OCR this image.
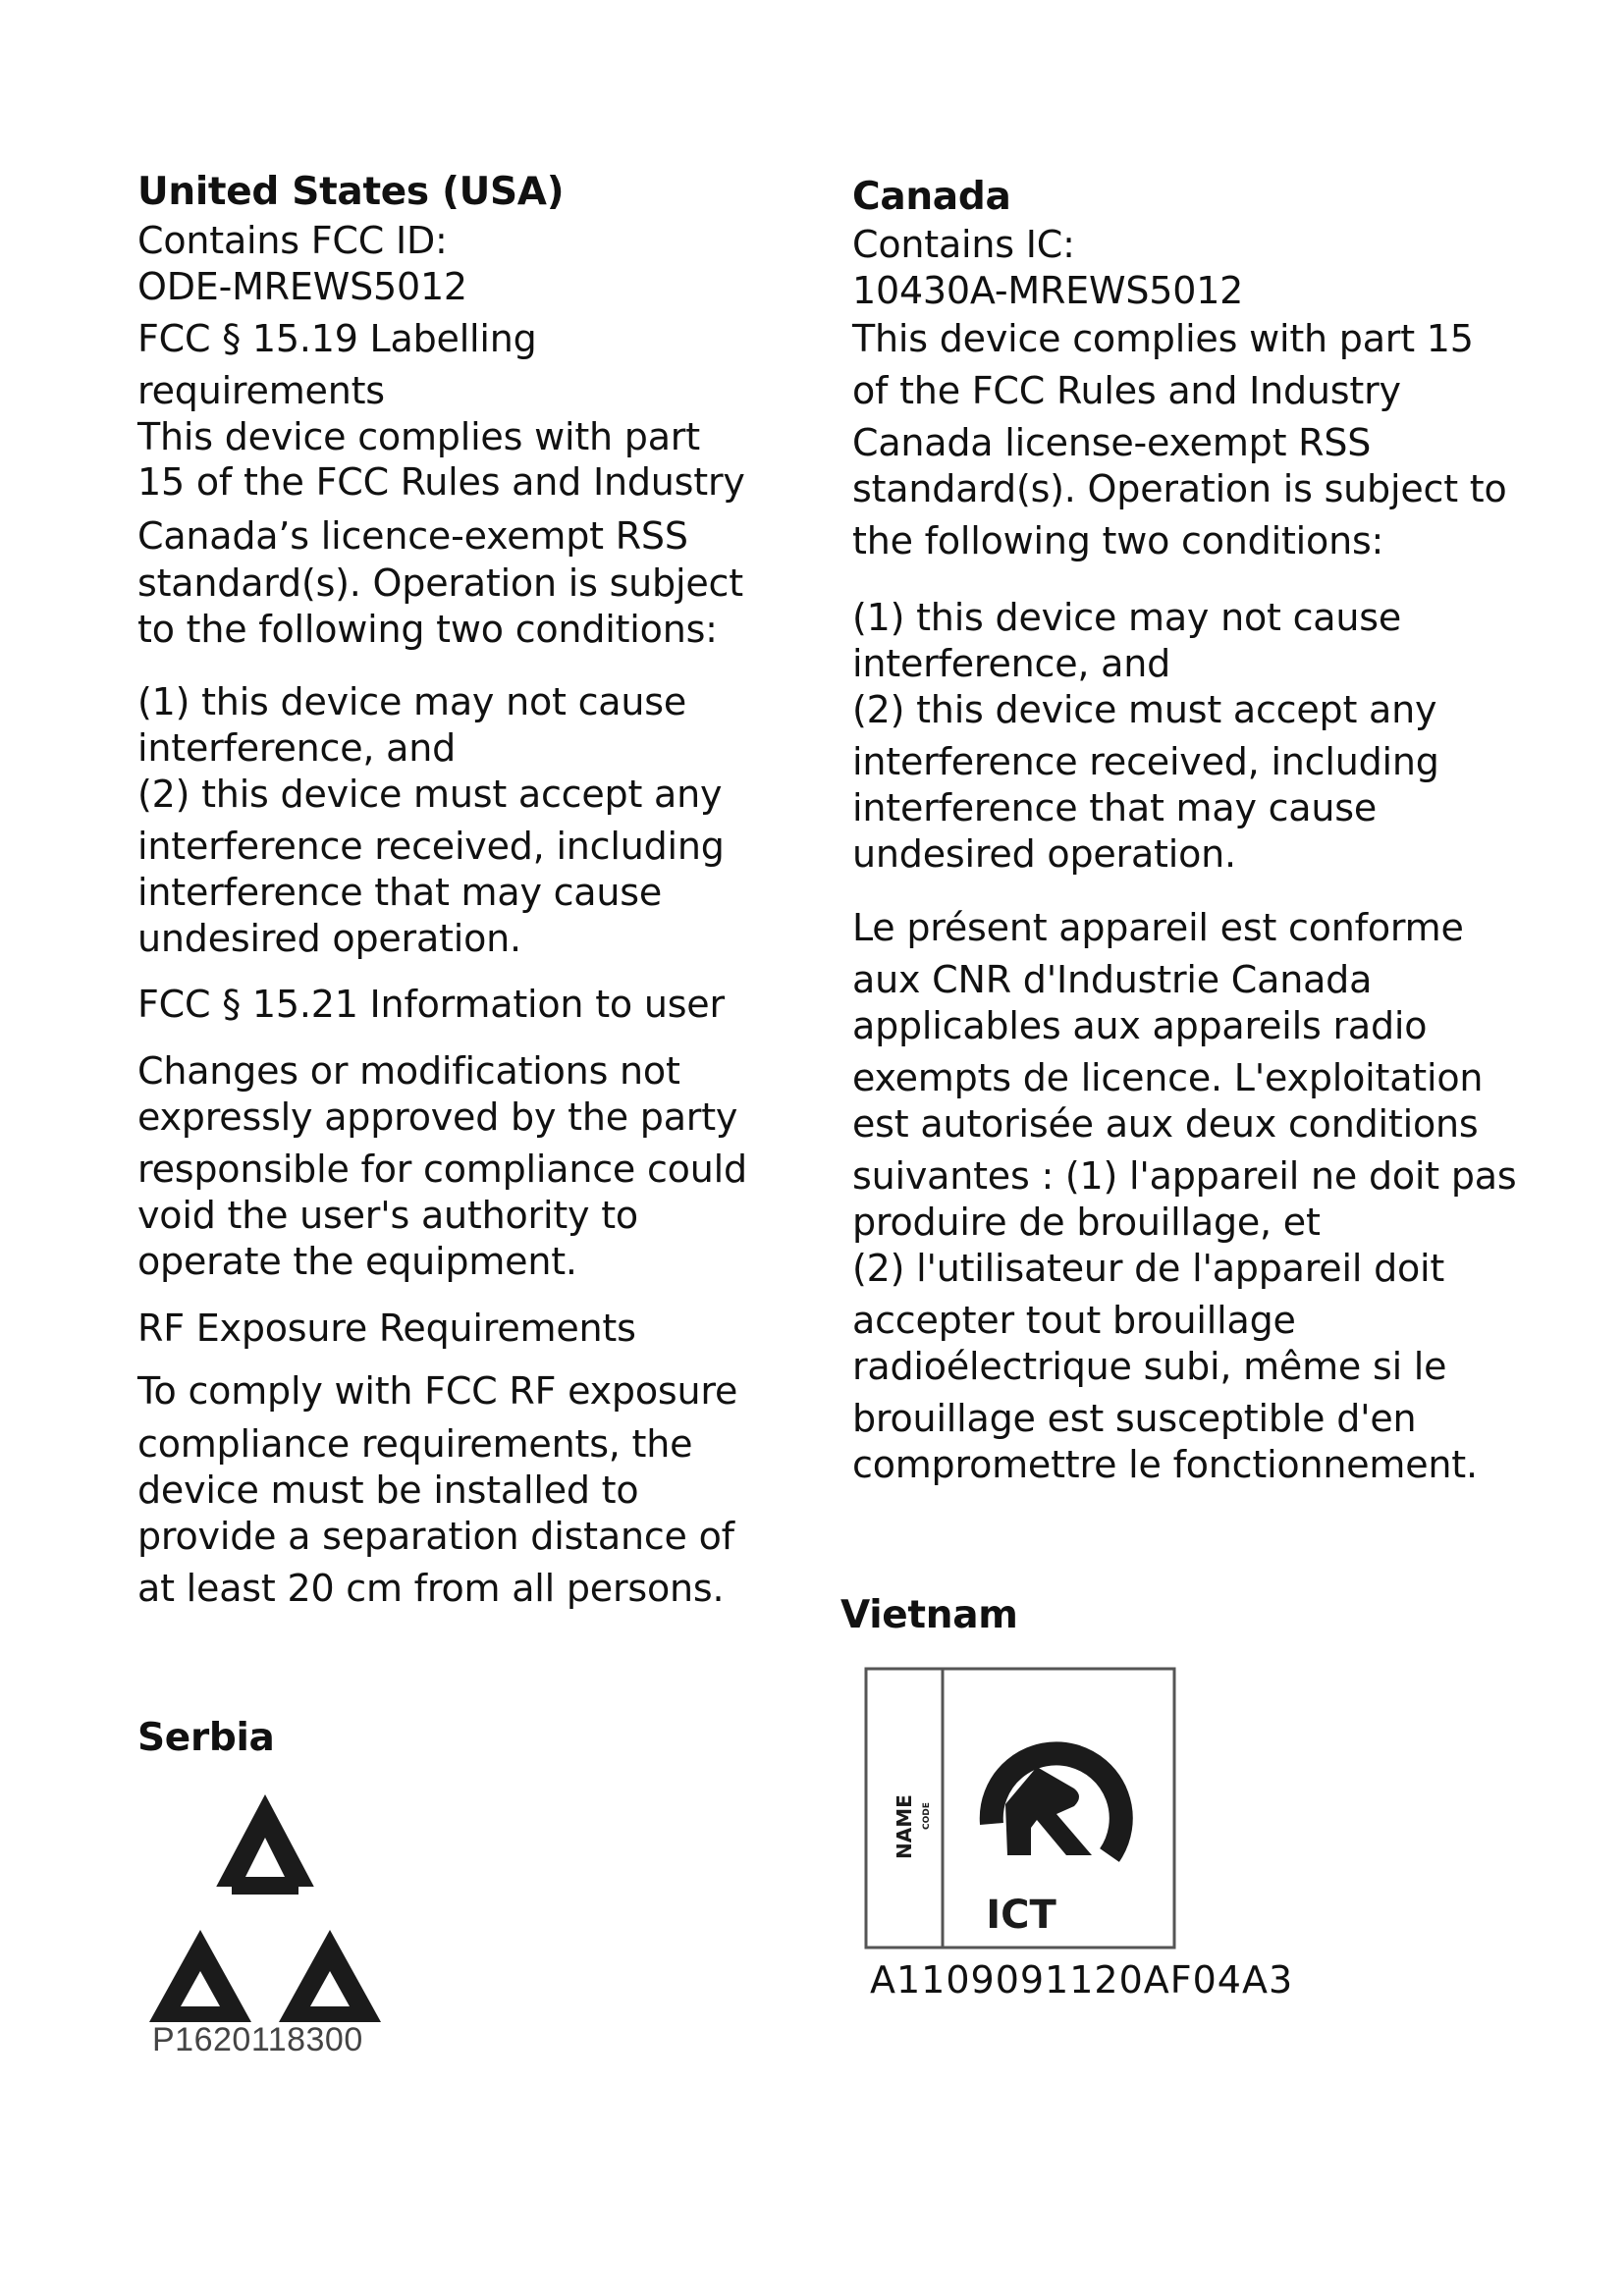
United States (USA)
Contains FCC ID:
ODE-MREWS5012
FCC § 15.19 Labelling
requirements
This device complies with part
15 of the FCC Rules and Industry
Canada’s licence-exempt RSS
standard(s). Operation is subject
to the following two conditions:
(1) this device may not cause
interference, and
(2) this device must accept any
interference received, including
interference that may cause
undesired operation.
FCC § 15.21 Information to user
Changes or modifications not
expressly approved by the party
responsible for compliance could
void the user's authority to
operate the equipment.
RF Exposure Requirements
To comply with FCC RF exposure
compliance requirements, the
device must be installed to
provide a separation distance of
at least 20 cm from all persons.
Serbia
P1620118300
Canada
Contains IC:
10430A-MREWS5012
This device complies with part 15
of the FCC Rules and Industry
Canada license-exempt RSS
standard(s). Operation is subject to
the following two conditions:
(1) this device may not cause
interference, and
(2) this device must accept any
interference received, including
interference that may cause
undesired operation.
Le présent appareil est conforme
aux CNR d'Industrie Canada
applicables aux appareils radio
exempts de licence. L'exploitation
est autorisée aux deux conditions
suivantes : (1) l'appareil ne doit pas
produire de brouillage, et
(2) l'utilisateur de l'appareil doit
accepter tout brouillage
radioélectrique subi, même si le
brouillage est susceptible d'en
compromettre le fonctionnement.
Vietnam
NAME CODE
ICT
A1109091120AF04A3
